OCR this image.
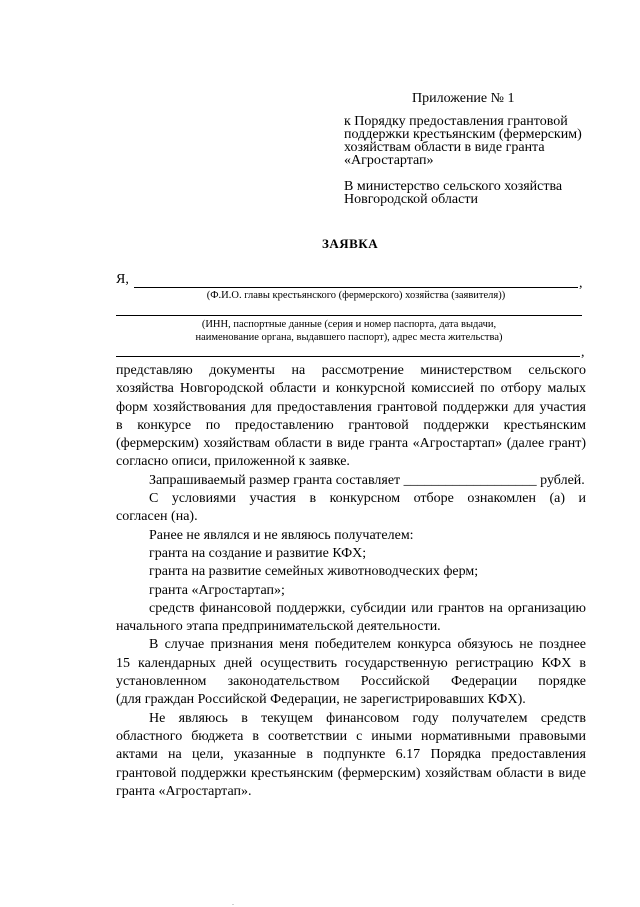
Приложение № 1
к Порядку предоставления грантовой
поддержки крестьянским (фермерским)
хозяйствам области в виде гранта
«Агростартап»
В министерство сельского хозяйства
Новгородской области
ЗАЯВКА
Я,	,
(Ф.И.О. главы крестьянского (фермерского) хозяйства (заявителя))
(ИНН, паспортные данные (серия и номер паспорта, дата выдачи,
наименование органа, выдавшего паспорт), адрес места жительства)
,

представляю документы на рассмотрение министерством сельского

хозяйства Новгородской области и конкурсной комиссией по отбору малых

форм хозяйствования для предоставления грантовой поддержки для участия

в конкурсе по предоставлению грантовой поддержки крестьянским

(фермерским) хозяйствам области в виде гранта «Агростартап» (далее грант)

согласно описи, приложенной к заявке.

Запрашиваемый размер гранта составляет ___________________ рублей.

С условиями участия в конкурсном отборе ознакомлен (а) и

согласен (на).

Ранее не являлся и не являюсь получателем:

гранта на создание и развитие КФХ;

гранта на развитие семейных животноводческих ферм;

гранта «Агростартап»;

средств финансовой поддержки, субсидии или грантов на организацию

начального этапа предпринимательской деятельности.

В случае признания меня победителем конкурса обязуюсь не позднее

15 календарных дней осуществить государственную регистрацию КФХ в

установленном законодательством Российской Федерации порядке

(для граждан Российской Федерации, не зарегистрировавших КФХ).

Не являюсь в текущем финансовом году получателем средств

областного бюджета в соответствии с иными нормативными правовыми

актами на цели, указанные в подпункте 6.17 Порядка предоставления

грантовой поддержки крестьянским (фермерским) хозяйствам области в виде

гранта «Агростартап».

.
